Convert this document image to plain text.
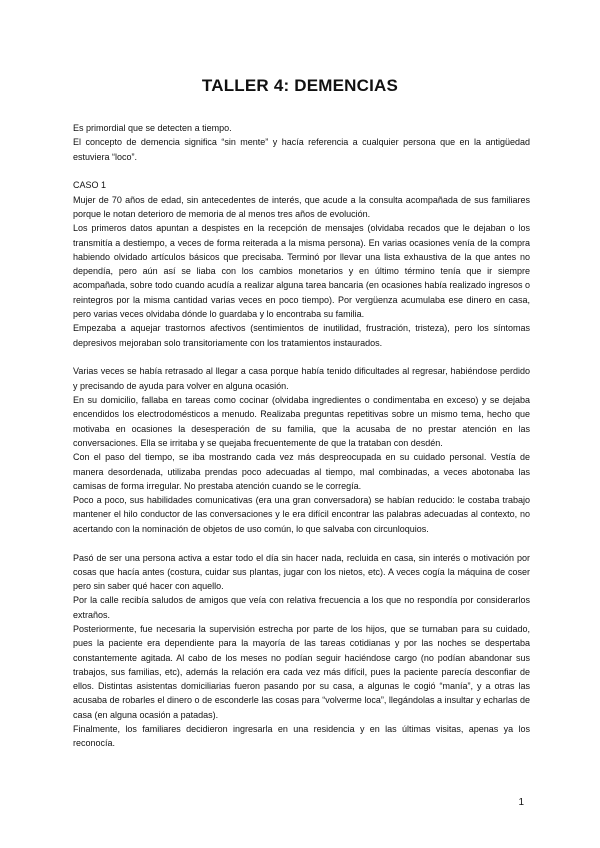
TALLER 4: DEMENCIAS

Es primordial que se detecten a tiempo.

El concepto de demencia significa “sin mente” y hacía referencia a cualquier persona que en la antigüedad estuviera “loco”.

CASO 1

Mujer de 70 años de edad, sin antecedentes de interés, que acude a la consulta acompañada de sus familiares porque le notan deterioro de memoria de al menos tres años de evolución.

Los primeros datos apuntan a despistes en la recepción de mensajes (olvidaba recados que le dejaban o los transmitía a destiempo, a veces de forma reiterada a la misma persona). En varias ocasiones venía de la compra habiendo olvidado artículos básicos que precisaba. Terminó por llevar una lista exhaustiva de la que antes no dependía, pero aún así se liaba con los cambios monetarios y en último término tenía que ir siempre acompañada, sobre todo cuando acudía a realizar alguna tarea bancaria (en ocasiones había realizado ingresos o reintegros por la misma cantidad varias veces en poco tiempo). Por vergüenza acumulaba ese dinero en casa, pero varias veces olvidaba dónde lo guardaba y lo encontraba su familia.

Empezaba a aquejar trastornos afectivos (sentimientos de inutilidad, frustración, tristeza), pero los síntomas depresivos mejoraban solo transitoriamente con los tratamientos instaurados.

Varias veces se había retrasado al llegar a casa porque había tenido dificultades al regresar, habiéndose perdido y precisando de ayuda para volver en alguna ocasión.

En su domicilio, fallaba en tareas como cocinar (olvidaba ingredientes o condimentaba en exceso) y se dejaba encendidos los electrodomésticos a menudo. Realizaba preguntas repetitivas sobre un mismo tema, hecho que motivaba en ocasiones la desesperación de su familia, que la acusaba de no prestar atención en las conversaciones. Ella se irritaba y se quejaba frecuentemente de que la trataban con desdén.

Con el paso del tiempo, se iba mostrando cada vez más despreocupada en su cuidado personal. Vestía de manera desordenada, utilizaba prendas poco adecuadas al tiempo, mal combinadas, a veces abotonaba las camisas de forma irregular. No prestaba atención cuando se le corregía.

Poco a poco, sus habilidades comunicativas (era una gran conversadora) se habían reducido: le costaba trabajo mantener el hilo conductor de las conversaciones y le era difícil encontrar las palabras adecuadas al contexto, no acertando con la nominación de objetos de uso común, lo que salvaba con circunloquios.

Pasó de ser una persona activa a estar todo el día sin hacer nada, recluida en casa, sin interés o motivación por cosas que hacía antes (costura, cuidar sus plantas, jugar con los nietos, etc). A veces cogía la máquina de coser pero sin saber qué hacer con aquello.

Por la calle recibía saludos de amigos que veía con relativa frecuencia a los que no respondía por considerarlos extraños.

Posteriormente, fue necesaria la supervisión estrecha por parte de los hijos, que se turnaban para su cuidado, pues la paciente era dependiente para la mayoría de las tareas cotidianas y por las noches se despertaba constantemente agitada. Al cabo de los meses no podían seguir haciéndose cargo (no podían abandonar sus trabajos, sus familias, etc), además la relación era cada vez más difícil, pues la paciente parecía desconfiar de ellos. Distintas asistentas domiciliarias fueron pasando por su casa, a algunas le cogió “manía”, y a otras las acusaba de robarles el dinero o de esconderle las cosas para “volverme loca”, llegándolas a insultar y echarlas de casa (en alguna ocasión a patadas).

Finalmente, los familiares decidieron ingresarla en una residencia y en las últimas visitas, apenas ya los reconocía.

1
